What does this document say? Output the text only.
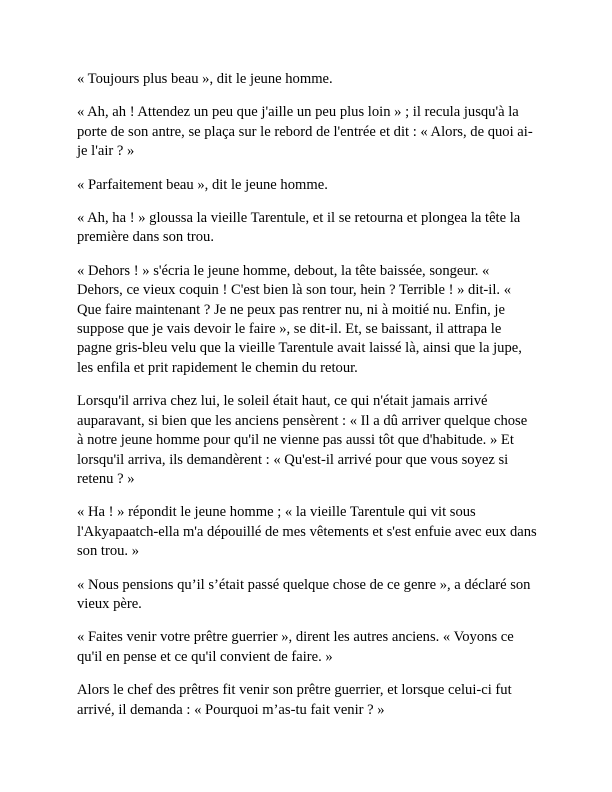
« Toujours plus beau », dit le jeune homme.

« Ah, ah ! Attendez un peu que j'aille un peu plus loin » ; il recula jusqu'à la porte de son antre, se plaça sur le rebord de l'entrée et dit : « Alors, de quoi ai-je l'air ? »

« Parfaitement beau », dit le jeune homme.

« Ah, ha ! » gloussa la vieille Tarentule, et il se retourna et plongea la tête la première dans son trou.

« Dehors ! » s'écria le jeune homme, debout, la tête baissée, songeur. « Dehors, ce vieux coquin ! C'est bien là son tour, hein ? Terrible ! » dit-il. « Que faire maintenant ? Je ne peux pas rentrer nu, ni à moitié nu. Enfin, je suppose que je vais devoir le faire », se dit-il. Et, se baissant, il attrapa le pagne gris-bleu velu que la vieille Tarentule avait laissé là, ainsi que la jupe, les enfila et prit rapidement le chemin du retour.

Lorsqu'il arriva chez lui, le soleil était haut, ce qui n'était jamais arrivé auparavant, si bien que les anciens pensèrent : « Il a dû arriver quelque chose à notre jeune homme pour qu'il ne vienne pas aussi tôt que d'habitude. » Et lorsqu'il arriva, ils demandèrent : « Qu'est-il arrivé pour que vous soyez si retenu ? »

« Ha ! » répondit le jeune homme ; « la vieille Tarentule qui vit sous l'Akyapaatch-ella m'a dépouillé de mes vêtements et s'est enfuie avec eux dans son trou. »

« Nous pensions qu’il s’était passé quelque chose de ce genre », a déclaré son vieux père.

« Faites venir votre prêtre guerrier », dirent les autres anciens. « Voyons ce qu'il en pense et ce qu'il convient de faire. »

Alors le chef des prêtres fit venir son prêtre guerrier, et lorsque celui-ci fut arrivé, il demanda : « Pourquoi m’as-tu fait venir ? »
